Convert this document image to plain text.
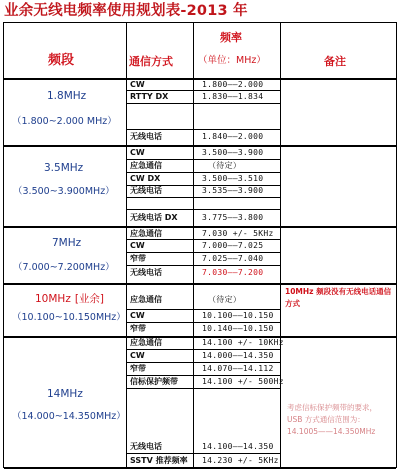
业余无线电频率使用规划表-2013 年
频段	通信方式
频率
（单位：MHz）	备注
1.8MHz
（1.800~2.000 MHz）
CW	1.800——2.000
RTTY DX	1.830——1.834
无线电话	1.840——2.000
3.5MHz
（3.500~3.900MHz）
CW	3.500——3.900
应急通信	（待定）
CW DX	3.500——3.510
无线电话	3.535——3.900
无线电话 DX	3.775——3.800
7MHz
（7.000~7.200MHz）
应急通信	7.030 +/- 5KHz
CW	7.000——7.025
窄带	7.025——7.040
无线电话	7.030——7.200
10MHz [业余]
（10.100~10.150MHz）
应急通信	（待定）
CW	10.100——10.150
窄带	10.140——10.150
10MHz 频段没有无线电话通信方式
14MHz
（14.000~14.350MHz）
应急通信	14.100 +/- 10KHz
CW	14.000——14.350
窄带	14.070——14.112
信标保护频带	14.100 +/- 500Hz
无线电话	14.100——14.350
SSTV 推荐频率 14.230 +/- 5KHz
考虑信标保护频带的要求，USB 方式通信范围为：14.1005——14.350MHz
